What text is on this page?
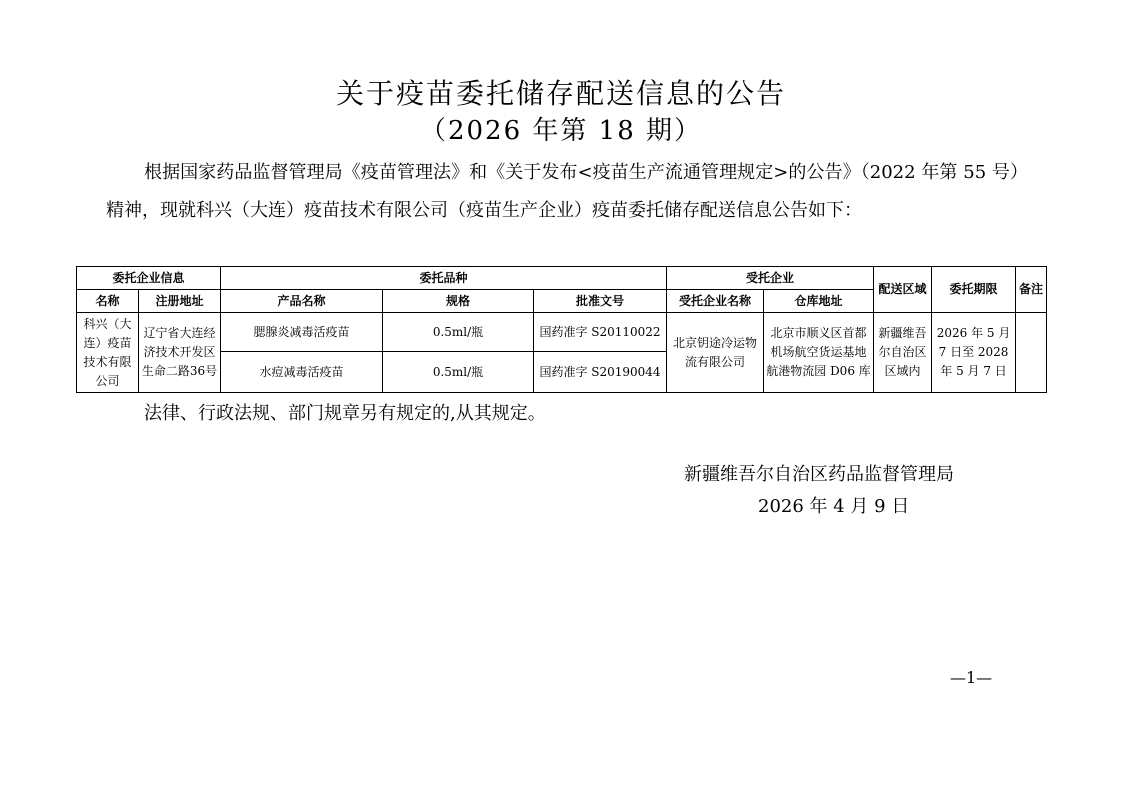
关于疫苗委托储存配送信息的公告
（2026 年第 18 期）
根据国家药品监督管理局《疫苗管理法》和《关于发布<疫苗生产流通管理规定>的公告》（2022 年第 55 号）精神，现就科兴（大连）疫苗技术有限公司（疫苗生产企业）疫苗委托储存配送信息公告如下：
委托企业信息		委托品种			受托企业		配送区域	委托期限	备注
名称	注册地址	产品名称	规格	批准文号	受托企业名称	仓库地址			
科兴（大连）疫苗技术有限公司	辽宁省大连经济技术开发区生命二路36号	腮腺炎减毒活疫苗	0.5ml/瓶	国药准字 S20110022	北京钥途冷运物流有限公司	北京市顺义区首都机场航空货运基地航港物流园 D06 库	新疆维吾尔自治区区域内	2026 年 5 月 7 日至 2028 年 5 月 7 日	
		水痘减毒活疫苗	0.5ml/瓶	国药准字 S20190044					
法律、行政法规、部门规章另有规定的,从其规定。
新疆维吾尔自治区药品监督管理局
2026 年 4 月 9 日
—1—
